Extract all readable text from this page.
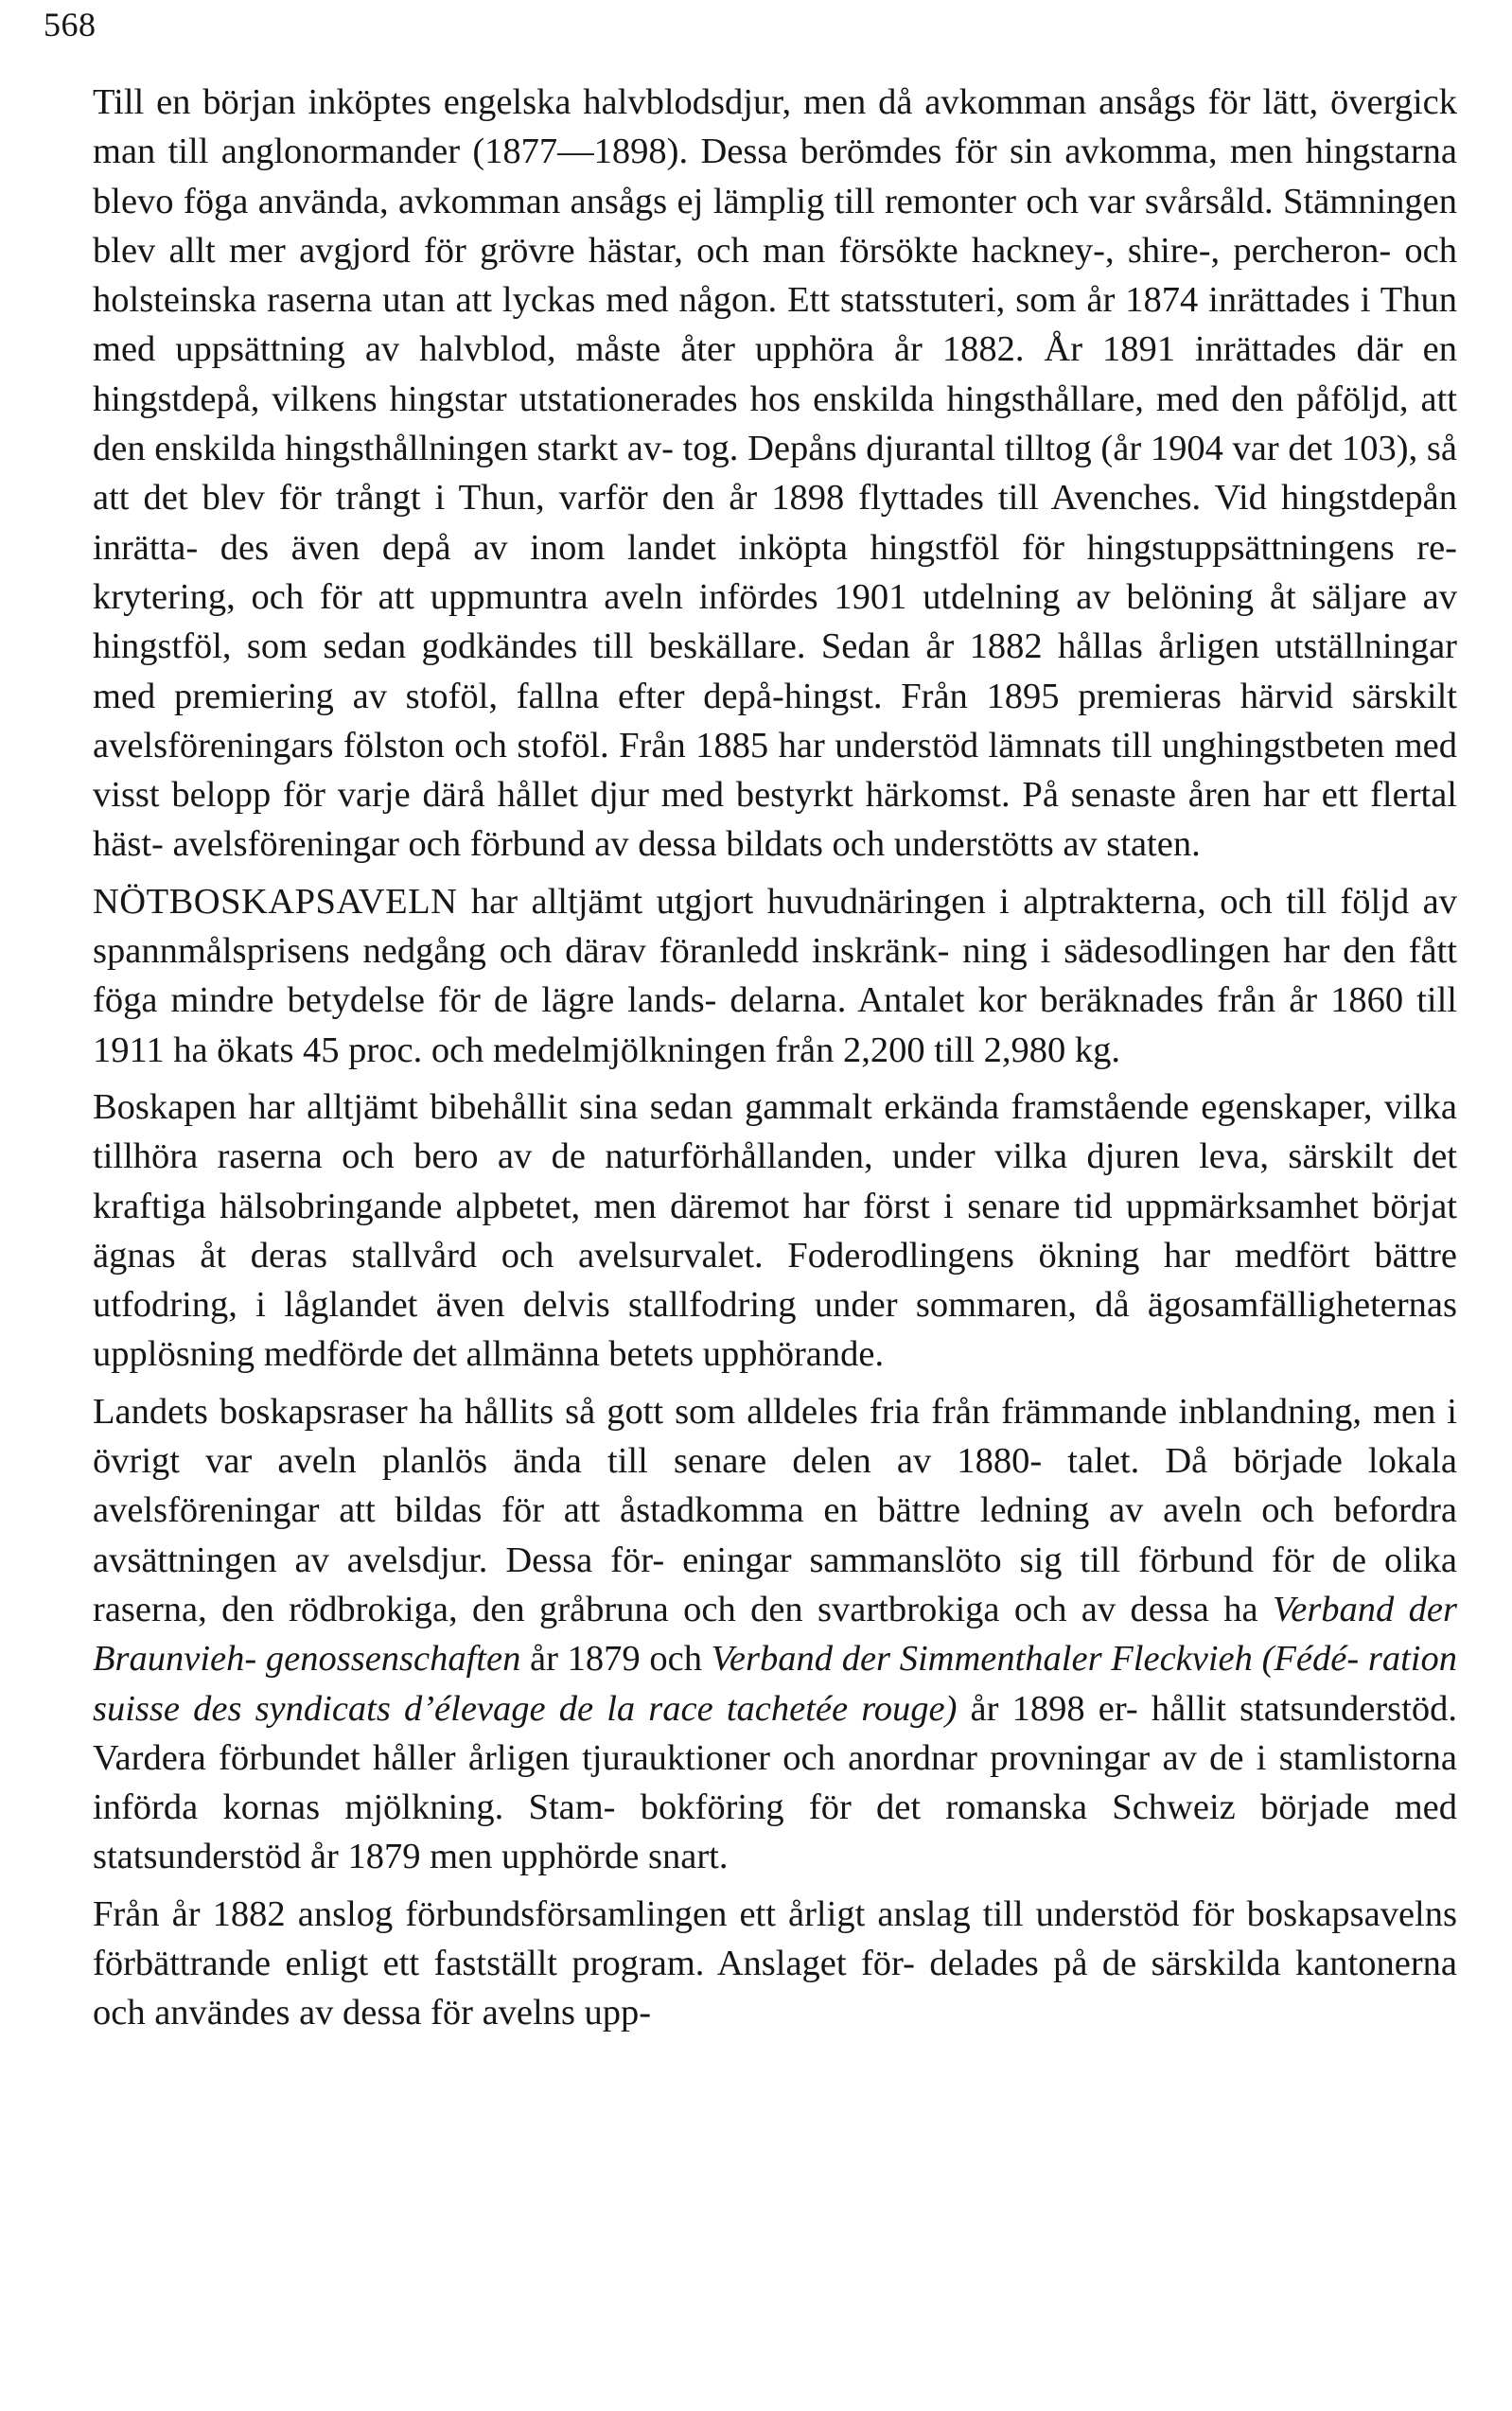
568

Till en början inköptes engelska halvblodsdjur, men då avkomman ansågs för lätt, övergick man till anglonormander (1877—1898). Dessa berömdes för sin avkomma, men hingstarna blevo föga använda, avkomman ansågs ej lämplig till remonter och var svårsåld. Stämningen blev allt mer avgjord för grövre hästar, och man försökte hackney-, shire-, percheron- och holsteinska raserna utan att lyckas med någon. Ett statsstuteri, som år 1874 inrättades i Thun med uppsättning av halvblod, måste åter upphöra år 1882. År 1891 inrättades där en hingstdepå, vilkens hingstar utstationerades hos enskilda hingsthållare, med den påföljd, att den enskilda hingsthållningen starkt av- tog. Depåns djurantal tilltog (år 1904 var det 103), så att det blev för trångt i Thun, varför den år 1898 flyttades till Avenches. Vid hingstdepån inrätta- des även depå av inom landet inköpta hingstföl för hingstuppsättningens re- krytering, och för att uppmuntra aveln infördes 1901 utdelning av belöning åt säljare av hingstföl, som sedan godkändes till beskällare. Sedan år 1882 hållas årligen utställningar med premiering av stoföl, fallna efter depå-hingst. Från 1895 premieras härvid särskilt avelsföreningars fölston och stoföl. Från 1885 har understöd lämnats till unghingstbeten med visst belopp för varje därå hållet djur med bestyrkt härkomst. På senaste åren har ett flertal häst- avelsföreningar och förbund av dessa bildats och understötts av staten.

NÖTBOSKAPSAVELN har alltjämt utgjort huvudnäringen i alptrakterna, och till följd av spannmålsprisens nedgång och därav föranledd inskränk- ning i sädesodlingen har den fått föga mindre betydelse för de lägre lands- delarna. Antalet kor beräknades från år 1860 till 1911 ha ökats 45 proc. och medelmjölkningen från 2,200 till 2,980 kg.

Boskapen har alltjämt bibehållit sina sedan gammalt erkända framstående egenskaper, vilka tillhöra raserna och bero av de naturförhållanden, under vilka djuren leva, särskilt det kraftiga hälsobringande alpbetet, men däremot har först i senare tid uppmärksamhet börjat ägnas åt deras stallvård och avelsurvalet. Foderodlingens ökning har medfört bättre utfodring, i låglandet även delvis stallfodring under sommaren, då ägosamfälligheternas upplösning medförde det allmänna betets upphörande.

Landets boskapsraser ha hållits så gott som alldeles fria från främmande inblandning, men i övrigt var aveln planlös ända till senare delen av 1880- talet. Då började lokala avelsföreningar att bildas för att åstadkomma en bättre ledning av aveln och befordra avsättningen av avelsdjur. Dessa för- eningar sammanslöto sig till förbund för de olika raserna, den rödbrokiga, den gråbruna och den svartbrokiga och av dessa ha Verband der Braunvieh- genossenschaften år 1879 och Verband der Simmenthaler Fleckvieh (Fédé- ration suisse des syndicats d’élevage de la race tachetée rouge) år 1898 er- hållit statsunderstöd. Vardera förbundet håller årligen tjurauktioner och anordnar provningar av de i stamlistorna införda kornas mjölkning. Stam- bokföring för det romanska Schweiz började med statsunderstöd år 1879 men upphörde snart.

Från år 1882 anslog förbundsförsamlingen ett årligt anslag till understöd för boskapsavelns förbättrande enligt ett fastställt program. Anslaget för- delades på de särskilda kantonerna och användes av dessa för avelns upp-
